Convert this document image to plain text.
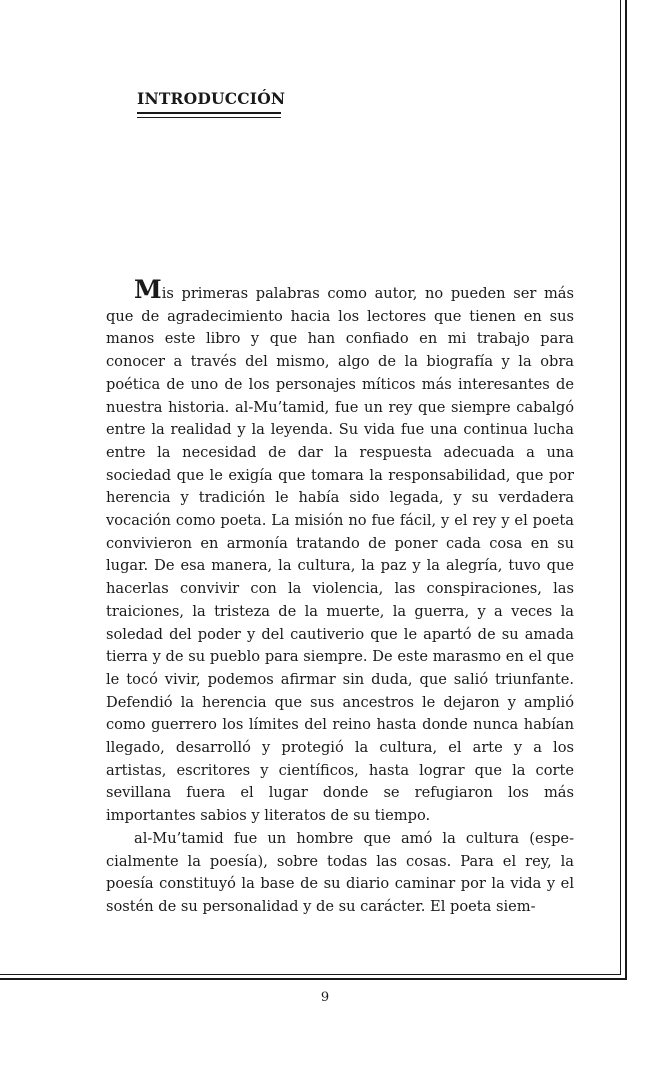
INTRODUCCIÓN

Mis primeras palabras como autor, no pueden ser más que de agradecimiento hacia los lectores que tienen en sus manos este libro y que han confiado en mi trabajo para conocer a través del mismo, algo de la biografía y la obra poética de uno de los personajes míticos más interesantes de nuestra historia. al-Mu’tamid, fue un rey que siempre cabalgó entre la realidad y la leyenda. Su vida fue una continua lucha entre la necesidad de dar la respuesta adecuada a una sociedad que le exigía que tomara la responsabilidad, que por herencia y tradición le había sido legada, y su verdadera vocación como poeta. La misión no fue fácil, y el rey y el poeta convivieron en armonía tratando de poner cada cosa en su lugar. De esa manera, la cultura, la paz y la alegría, tuvo que hacerlas convivir con la violencia, las conspiraciones, las traiciones, la tristeza de la muerte, la guerra, y a veces la soledad del poder y del cautiverio que le apartó de su amada tierra y de su pueblo para siempre. De este marasmo en el que le tocó vivir, podemos afirmar sin duda, que salió triunfante. Defendió la herencia que sus ancestros le dejaron y amplió como guerrero los límites del reino hasta donde nunca habían llegado, desarrolló y protegió la cultura, el arte y a los artistas, escritores y científicos, hasta lograr que la corte sevillana fuera el lugar donde se refugiaron los más importantes sabios y literatos de su tiempo.

al-Mu’tamid fue un hombre que amó la cultura (especialmente la poesía), sobre todas las cosas. Para el rey, la poesía constituyó la base de su diario caminar por la vida y el sostén de su personalidad y de su carácter. El poeta siem-

9
